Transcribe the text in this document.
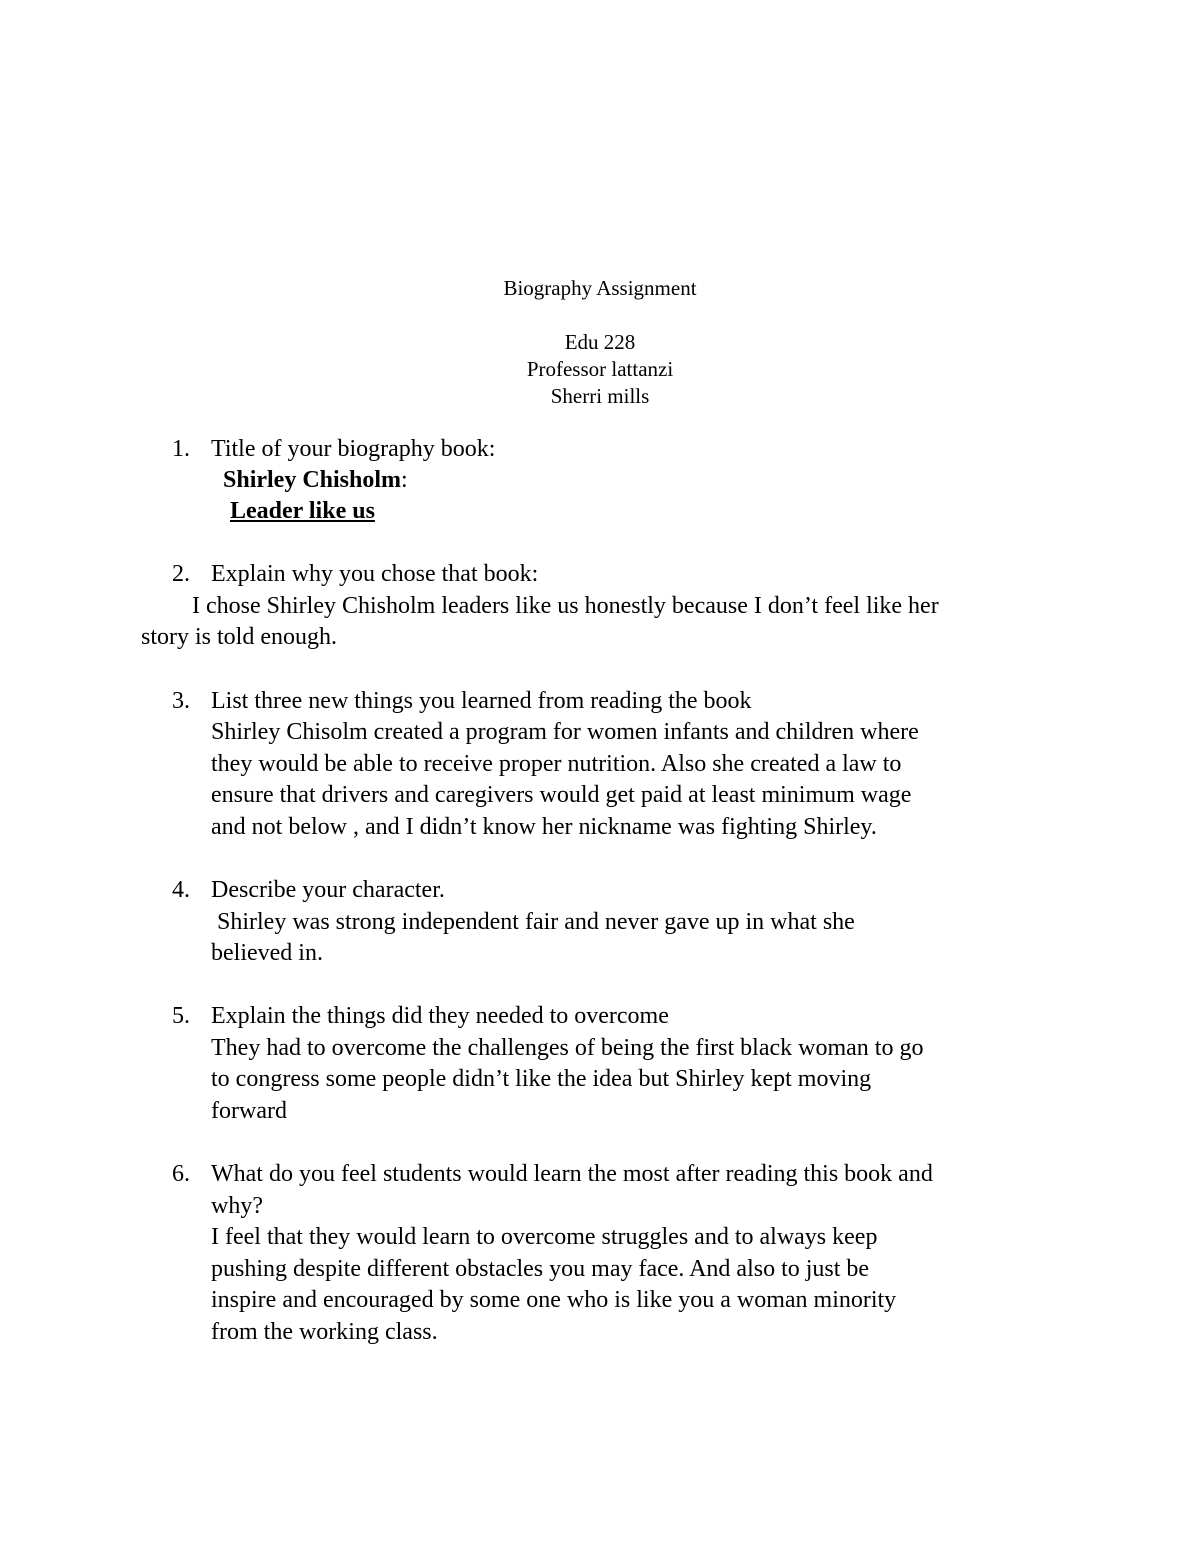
Biography Assignment
Edu 228
Professor lattanzi
Sherri mills
1. Title of your biography book:
Shirley Chisholm:
Leader like us
2. Explain why you chose that book:
I chose Shirley Chisholm leaders like us honestly because I don’t feel like her
story is told enough.
3. List three new things you learned from reading the book
Shirley Chisolm created a program for women infants and children where
they would be able to receive proper nutrition. Also she created a law to
ensure that drivers and caregivers would get paid at least minimum wage
and not below , and I didn’t know her nickname was fighting Shirley.
4. Describe your character.
Shirley was strong independent fair and never gave up in what she
believed in.
5. Explain the things did they needed to overcome
They had to overcome the challenges of being the first black woman to go
to congress some people didn’t like the idea but Shirley kept moving
forward
6. What do you feel students would learn the most after reading this book and
why?
I feel that they would learn to overcome struggles and to always keep
pushing despite different obstacles you may face. And also to just be
inspire and encouraged by some one who is like you a woman minority
from the working class.
